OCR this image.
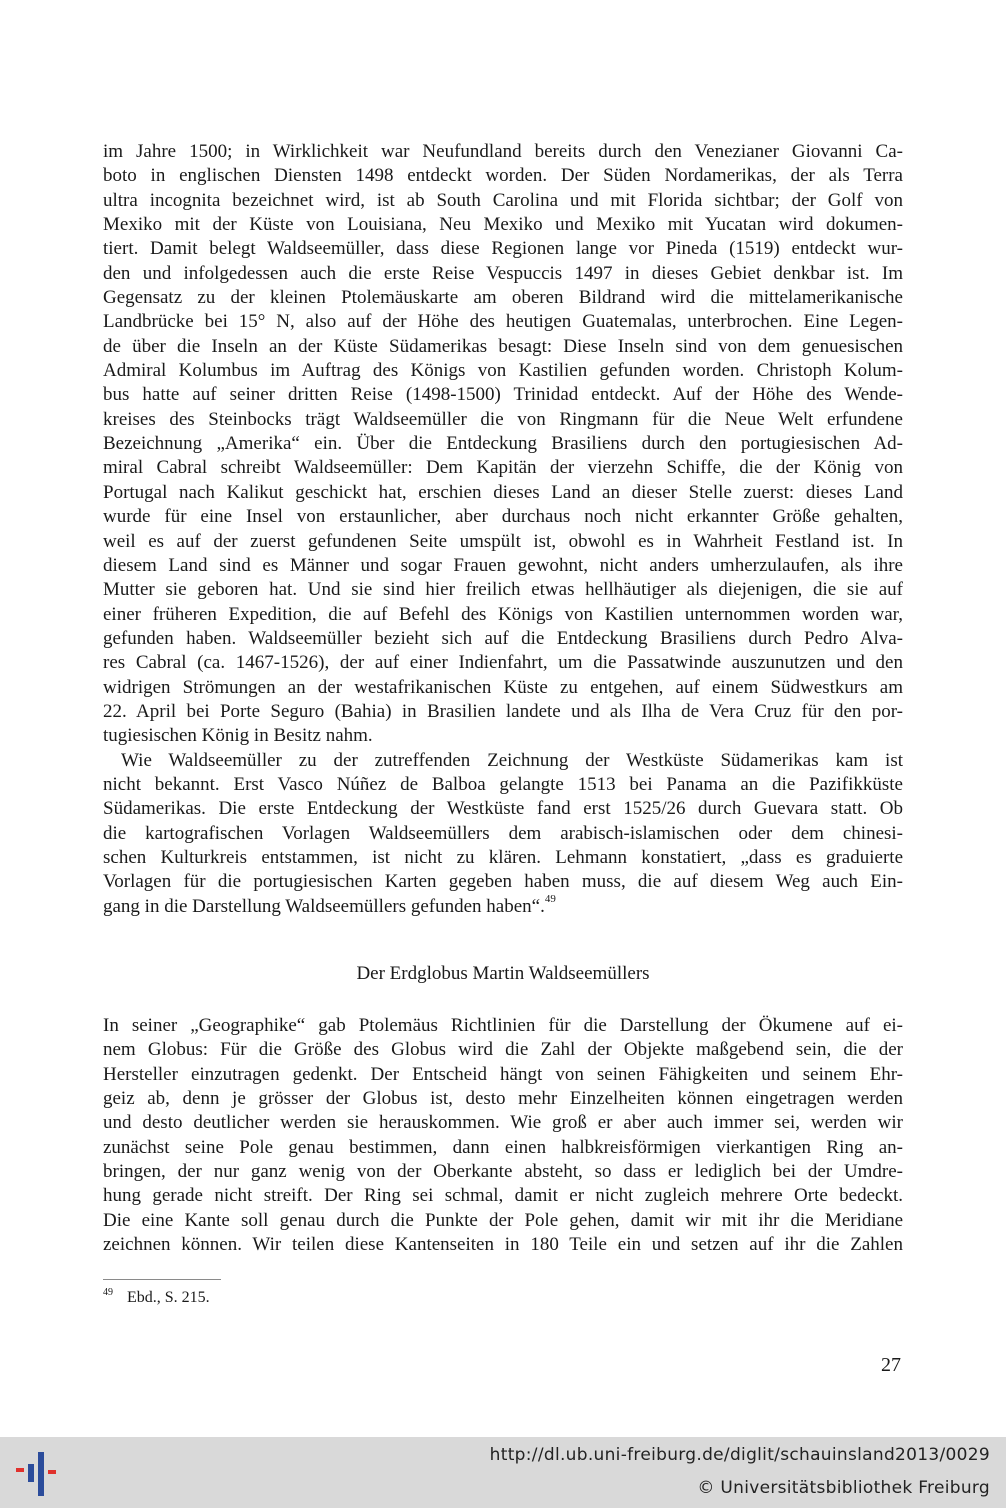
im Jahre 1500; in Wirklichkeit war Neufundland bereits durch den Venezianer Giovanni Ca-
boto in englischen Diensten 1498 entdeckt worden. Der Süden Nordamerikas, der als Terra
ultra incognita bezeichnet wird, ist ab South Carolina und mit Florida sichtbar; der Golf von
Mexiko mit der Küste von Louisiana, Neu Mexiko und Mexiko mit Yucatan wird dokumen-
tiert. Damit belegt Waldseemüller, dass diese Regionen lange vor Pineda (1519) entdeckt wur-
den und infolgedessen auch die erste Reise Vespuccis 1497 in dieses Gebiet denkbar ist. Im
Gegensatz zu der kleinen Ptolemäuskarte am oberen Bildrand wird die mittelamerikanische
Landbrücke bei 15° N, also auf der Höhe des heutigen Guatemalas, unterbrochen. Eine Legen-
de über die Inseln an der Küste Südamerikas besagt: Diese Inseln sind von dem genuesischen
Admiral Kolumbus im Auftrag des Königs von Kastilien gefunden worden. Christoph Kolum-
bus hatte auf seiner dritten Reise (1498-1500) Trinidad entdeckt. Auf der Höhe des Wende-
kreises des Steinbocks trägt Waldseemüller die von Ringmann für die Neue Welt erfundene
Bezeichnung „Amerika“ ein. Über die Entdeckung Brasiliens durch den portugiesischen Ad-
miral Cabral schreibt Waldseemüller: Dem Kapitän der vierzehn Schiffe, die der König von
Portugal nach Kalikut geschickt hat, erschien dieses Land an dieser Stelle zuerst: dieses Land
wurde für eine Insel von erstaunlicher, aber durchaus noch nicht erkannter Größe gehalten,
weil es auf der zuerst gefundenen Seite umspült ist, obwohl es in Wahrheit Festland ist. In
diesem Land sind es Männer und sogar Frauen gewohnt, nicht anders umherzulaufen, als ihre
Mutter sie geboren hat. Und sie sind hier freilich etwas hellhäutiger als diejenigen, die sie auf
einer früheren Expedition, die auf Befehl des Königs von Kastilien unternommen worden war,
gefunden haben. Waldseemüller bezieht sich auf die Entdeckung Brasiliens durch Pedro Alva-
res Cabral (ca. 1467-1526), der auf einer Indienfahrt, um die Passatwinde auszunutzen und den
widrigen Strömungen an der westafrikanischen Küste zu entgehen, auf einem Südwestkurs am
22. April bei Porte Seguro (Bahia) in Brasilien landete und als Ilha de Vera Cruz für den por-
tugiesischen König in Besitz nahm.

Wie Waldseemüller zu der zutreffenden Zeichnung der Westküste Südamerikas kam ist
nicht bekannt. Erst Vasco Núñez de Balboa gelangte 1513 bei Panama an die Pazifikküste
Südamerikas. Die erste Entdeckung der Westküste fand erst 1525/26 durch Guevara statt. Ob
die kartografischen Vorlagen Waldseemüllers dem arabisch-islamischen oder dem chinesi-
schen Kulturkreis entstammen, ist nicht zu klären. Lehmann konstatiert, „dass es graduierte
Vorlagen für die portugiesischen Karten gegeben haben muss, die auf diesem Weg auch Ein-
gang in die Darstellung Waldseemüllers gefunden haben“.$^{49}$

Der Erdglobus Martin Waldseemüllers

In seiner „Geographike“ gab Ptolemäus Richtlinien für die Darstellung der Ökumene auf ei-
nem Globus: Für die Größe des Globus wird die Zahl der Objekte maßgebend sein, die der
Hersteller einzutragen gedenkt. Der Entscheid hängt von seinen Fähigkeiten und seinem Ehr-
geiz ab, denn je grösser der Globus ist, desto mehr Einzelheiten können eingetragen werden
und desto deutlicher werden sie herauskommen. Wie groß er aber auch immer sei, werden wir
zunächst seine Pole genau bestimmen, dann einen halbkreisförmigen vierkantigen Ring an-
bringen, der nur ganz wenig von der Oberkante absteht, so dass er lediglich bei der Umdre-
hung gerade nicht streift. Der Ring sei schmal, damit er nicht zugleich mehrere Orte bedeckt.
Die eine Kante soll genau durch die Punkte der Pole gehen, damit wir mit ihr die Meridiane
zeichnen können. Wir teilen diese Kantenseiten in 180 Teile ein und setzen auf ihr die Zahlen

$^{49}$ Ebd., S. 215.
27
http://dl.ub.uni-freiburg.de/diglit/schauinsland2013/0029
© Universitätsbibliothek Freiburg
